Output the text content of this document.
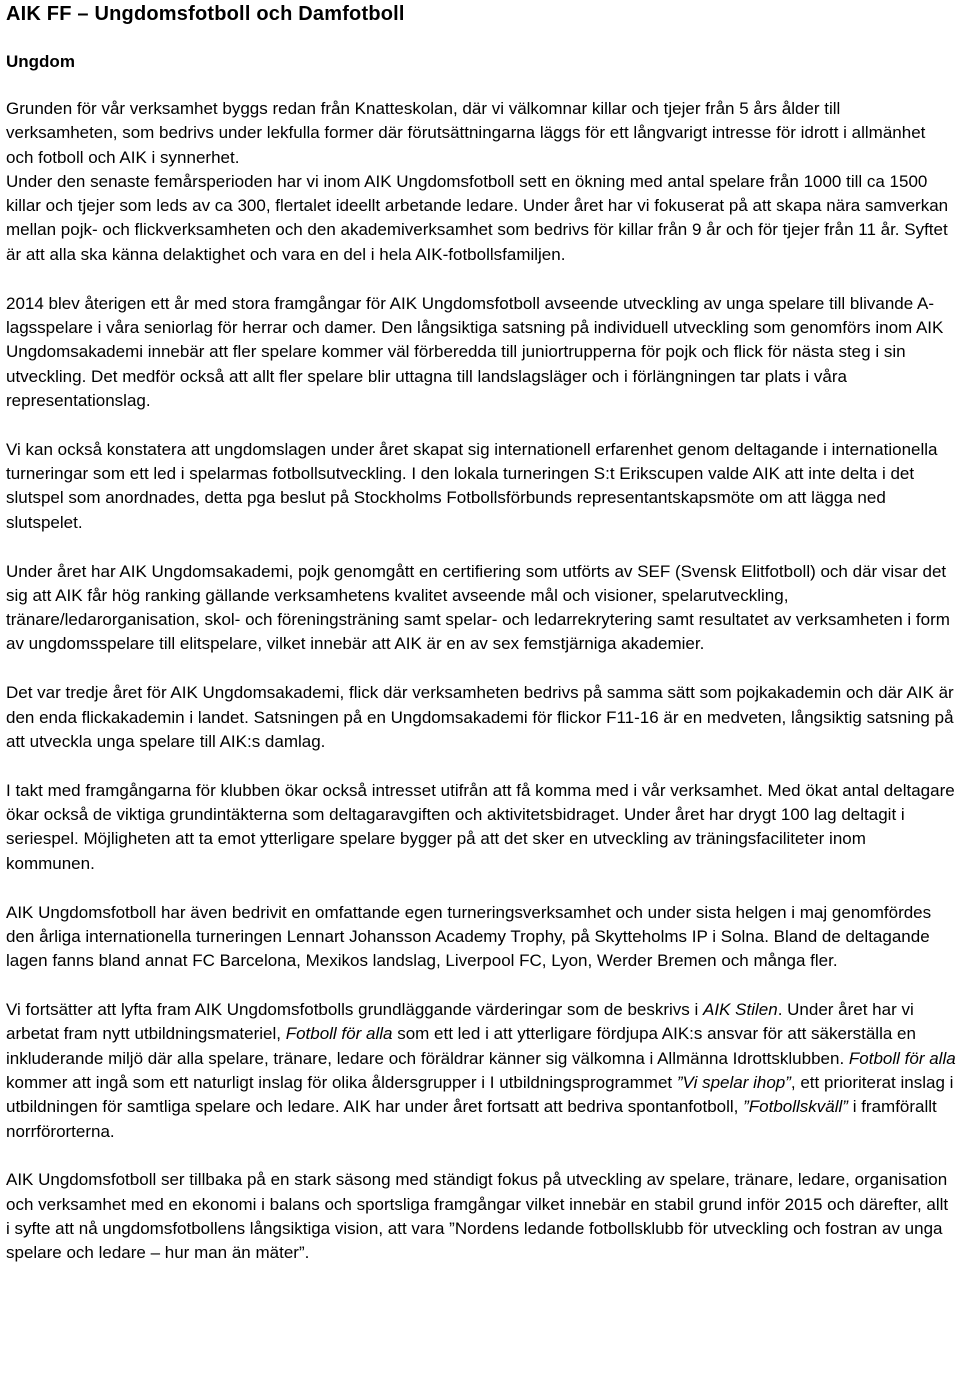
AIK FF – Ungdomsfotboll och Damfotboll
Ungdom

Grunden för vår verksamhet byggs redan från Knatteskolan, där vi välkomnar killar och tjejer från 5 års ålder till verksamheten, som bedrivs under lekfulla former där förutsättningarna läggs för ett långvarigt intresse för idrott i allmänhet och fotboll och AIK i synnerhet.
Under den senaste femårsperioden har vi inom AIK Ungdomsfotboll sett en ökning med antal spelare från 1000 till ca 1500 killar och tjejer som leds av ca 300, flertalet ideellt arbetande ledare. Under året har vi fokuserat på att skapa nära samverkan mellan pojk- och flickverksamheten och den akademiverksamhet som bedrivs för killar från 9 år och för tjejer från 11 år. Syftet är att alla ska känna delaktighet och vara en del i hela AIK-fotbollsfamiljen.

2014 blev återigen ett år med stora framgångar för AIK Ungdomsfotboll avseende utveckling av unga spelare till blivande A-lagsspelare i våra seniorlag för herrar och damer. Den långsiktiga satsning på individuell utveckling som genomförs inom AIK Ungdomsakademi innebär att fler spelare kommer väl förberedda till juniortrupperna för pojk och flick för nästa steg i sin utveckling. Det medför också att allt fler spelare blir uttagna till landslagsläger och i förlängningen tar plats i våra representationslag.

Vi kan också konstatera att ungdomslagen under året skapat sig internationell erfarenhet genom deltagande i internationella turneringar som ett led i spelarmas fotbollsutveckling. I den lokala turneringen S:t Erikscupen valde AIK att inte delta i det slutspel som anordnades, detta pga beslut på Stockholms Fotbollsförbunds representantskapsmöte om att lägga ned slutspelet.

Under året har AIK Ungdomsakademi, pojk genomgått en certifiering som utförts av SEF (Svensk Elitfotboll) och där visar det sig att AIK får hög ranking gällande verksamhetens kvalitet avseende mål och visioner, spelarutveckling, tränare/ledarorganisation, skol- och föreningsträning samt spelar- och ledarrekrytering samt resultatet av verksamheten i form av ungdomsspelare till elitspelare, vilket innebär att AIK är en av sex femstjärniga akademier.

Det var tredje året för AIK Ungdomsakademi, flick där verksamheten bedrivs på samma sätt som pojkakademin och där AIK är den enda flickakademin i landet. Satsningen på en Ungdomsakademi för flickor F11-16 är en medveten, långsiktig satsning på att utveckla unga spelare till AIK:s damlag.

I takt med framgångarna för klubben ökar också intresset utifrån att få komma med i vår verksamhet. Med ökat antal deltagare ökar också de viktiga grundintäkterna som deltagaravgiften och aktivitetsbidraget. Under året har drygt 100 lag deltagit i seriespel. Möjligheten att ta emot ytterligare spelare bygger på att det sker en utveckling av träningsfaciliteter inom kommunen.

AIK Ungdomsfotboll har även bedrivit en omfattande egen turneringsverksamhet och under sista helgen i maj genomfördes den årliga internationella turneringen Lennart Johansson Academy Trophy, på Skytteholms IP i Solna. Bland de deltagande lagen fanns bland annat FC Barcelona, Mexikos landslag, Liverpool FC, Lyon, Werder Bremen och många fler.

Vi fortsätter att lyfta fram AIK Ungdomsfotbolls grundläggande värderingar som de beskrivs i AIK Stilen. Under året har vi arbetat fram nytt utbildningsmateriel, Fotboll för alla som ett led i att ytterligare fördjupa AIK:s ansvar för att säkerställa en inkluderande miljö där alla spelare, tränare, ledare och föräldrar känner sig välkomna i Allmänna Idrottsklubben. Fotboll för alla kommer att ingå som ett naturligt inslag för olika åldersgrupper i I utbildningsprogrammet ”Vi spelar ihop”, ett prioriterat inslag i utbildningen för samtliga spelare och ledare. AIK har under året fortsatt att bedriva spontanfotboll, ”Fotbollskväll” i framförallt norrförorterna.

AIK Ungdomsfotboll ser tillbaka på en stark säsong med ständigt fokus på utveckling av spelare, tränare, ledare, organisation och verksamhet med en ekonomi i balans och sportsliga framgångar vilket innebär en stabil grund inför 2015 och därefter, allt i syfte att nå ungdomsfotbollens långsiktiga vision, att vara ”Nordens ledande fotbollsklubb för utveckling och fostran av unga spelare och ledare – hur man än mäter”.
